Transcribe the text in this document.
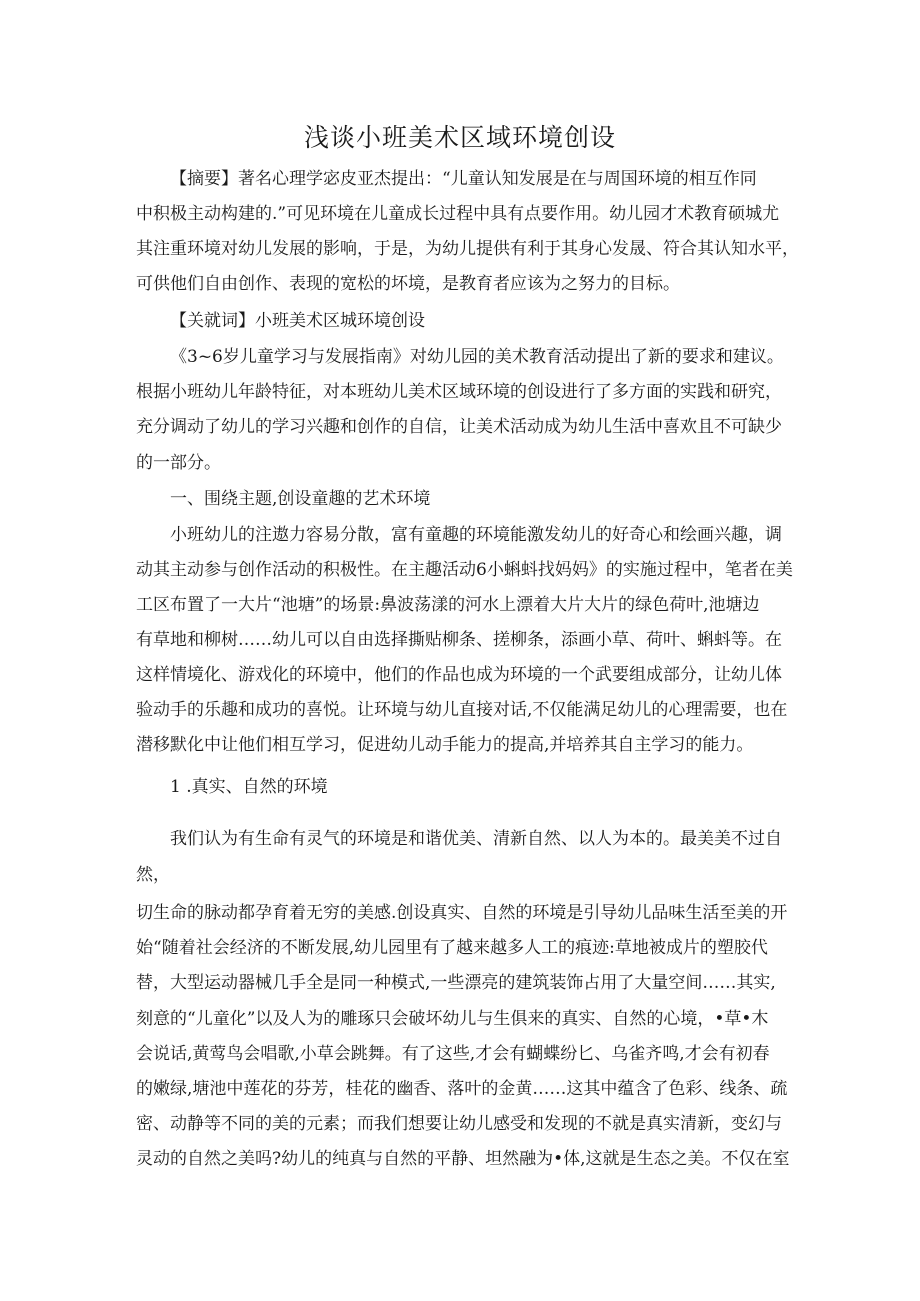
浅谈小班美术区域环境创设
【摘要】著名心理学宓皮亚杰提出：“儿童认知发展是在与周国环境的相互作同
中积极主动构建的.”可见环境在儿童成长过程中具有点要作用。幼儿园才术教育硕城尤
其注重环境对幼儿发展的影响，于是，为幼儿提供有利于其身心发晟、符合其认知水平，
可供他们自由创作、表现的宽松的坏境，是教育者应该为之努力的目标。
【关就词】小班美术区城环境创设
《3~6岁儿童学习与发展指南》对幼儿园的美术教育活动提出了新的要求和建议。
根据小班幼儿年龄特征，对本班幼儿美术区域环境的创设进行了多方面的实践和研究，
充分调动了幼儿的学习兴趣和创作的自信，让美术活动成为幼儿生活中喜欢且不可缺少
的一部分。
一、围绕主题,创设童趣的艺术环境
小班幼儿的注遨力容易分散，富有童趣的环境能激发幼儿的好奇心和绘画兴趣，调
动其主动参与创作活动的积极性。在主趣活动6小蝌蚪找妈妈》的实施过程中，笔者在美
工区布置了一大片“池塘”的场景:鼻波荡漾的河水上漂着大片大片的绿色荷叶,池塘边
有草地和柳树……幼儿可以自由选择撕贴柳条、搓柳条，添画小草、荷叶、蝌蚪等。在
这样情境化、游戏化的环境中，他们的作品也成为环境的一个武要组成部分，让幼儿体
验动手的乐趣和成功的喜悦。让环境与幼儿直接对话,不仅能满足幼儿的心理需要，也在
潜移默化中让他们相互学习，促进幼儿动手能力的提高,并培养其自主学习的能力。
1 .真实、自然的环境
我们认为有生命有灵气的环境是和谐优美、清新自然、以人为本的。最美美不过自
然，
切生命的脉动都孕育着无穷的美感.创设真实、自然的环境是引导幼儿品味生活至美的开
始“随着社会经济的不断发展,幼儿园里有了越来越多人工的痕迹:草地被成片的塑胶代
替，大型运动器械几手全是同一种模式,一些漂亮的建筑装饰占用了大量空间……其实,
刻意的“儿童化”以及人为的雕琢只会破坏幼儿与生俱来的真实、自然的心境，•草•木
会说话,黄莺鸟会唱歌,小草会跳舞。有了这些,才会有蝴蝶纷匕、乌雀齐鸣,才会有初春
的嫩绿,塘池中莲花的芬芳，桂花的幽香、落叶的金黄……这其中蕴含了色彩、线条、疏
密、动静等不同的美的元素；而我们想要让幼儿感受和发现的不就是真实清新，变幻与
灵动的自然之美吗?幼儿的纯真与自然的平静、坦然融为•体,这就是生态之美。不仅在室
